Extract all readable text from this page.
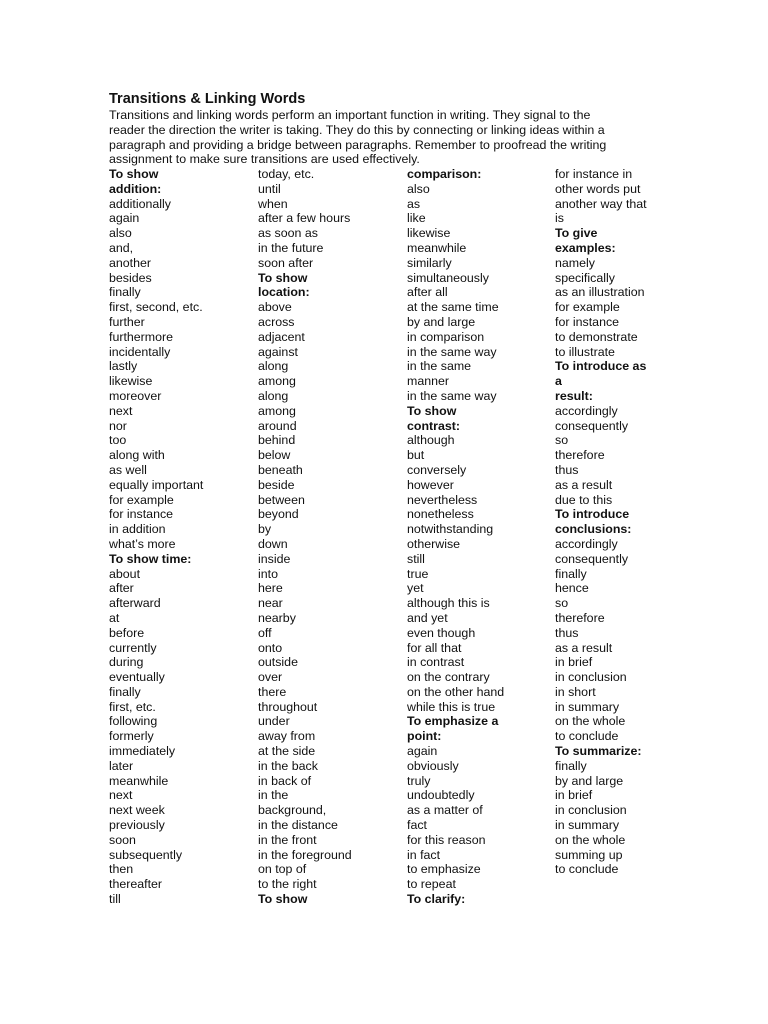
Transitions & Linking Words
Transitions and linking words perform an important function in writing. They signal to the
reader the direction the writer is taking. They do this by connecting or linking ideas within a
paragraph and providing a bridge between paragraphs. Remember to proofread the writing
assignment to make sure transitions are used effectively.
To show
addition:
additionally
again
also
and,
another
besides
finally
first, second, etc.
further
furthermore
incidentally
lastly
likewise
moreover
next
nor
too
along with
as well
equally important
for example
for instance
in addition
what’s more
To show time:
about
after
afterward
at
before
currently
during
eventually
finally
first, etc.
following
formerly
immediately
later
meanwhile
next
next week
previously
soon
subsequently
then
thereafter
till
today, etc.
until
when
after a few hours
as soon as
in the future
soon after
To show
location:
above
across
adjacent
against
along
among
along
among
around
behind
below
beneath
beside
between
beyond
by
down
inside
into
here
near
nearby
off
onto
outside
over
there
throughout
under
away from
at the side
in the back
in back of
in the
background,
in the distance
in the front
in the foreground
on top of
to the right
To show
comparison:
also
as
like
likewise
meanwhile
similarly
simultaneously
after all
at the same time
by and large
in comparison
in the same way
in the same
manner
in the same way
To show
contrast:
although
but
conversely
however
nevertheless
nonetheless
notwithstanding
otherwise
still
true
yet
although this is
and yet
even though
for all that
in contrast
on the contrary
on the other hand
while this is true
To emphasize a
point:
again
obviously
truly
undoubtedly
as a matter of
fact
for this reason
in fact
to emphasize
to repeat
To clarify:
for instance in
other words put
another way that
is
To give
examples:
namely
specifically
as an illustration
for example
for instance
to demonstrate
to illustrate
To introduce as
a
result:
accordingly
consequently
so
therefore
thus
as a result
due to this
To introduce
conclusions:
accordingly
consequently
finally
hence
so
therefore
thus
as a result
in brief
in conclusion
in short
in summary
on the whole
to conclude
To summarize:
finally
by and large
in brief
in conclusion
in summary
on the whole
summing up
to conclude
